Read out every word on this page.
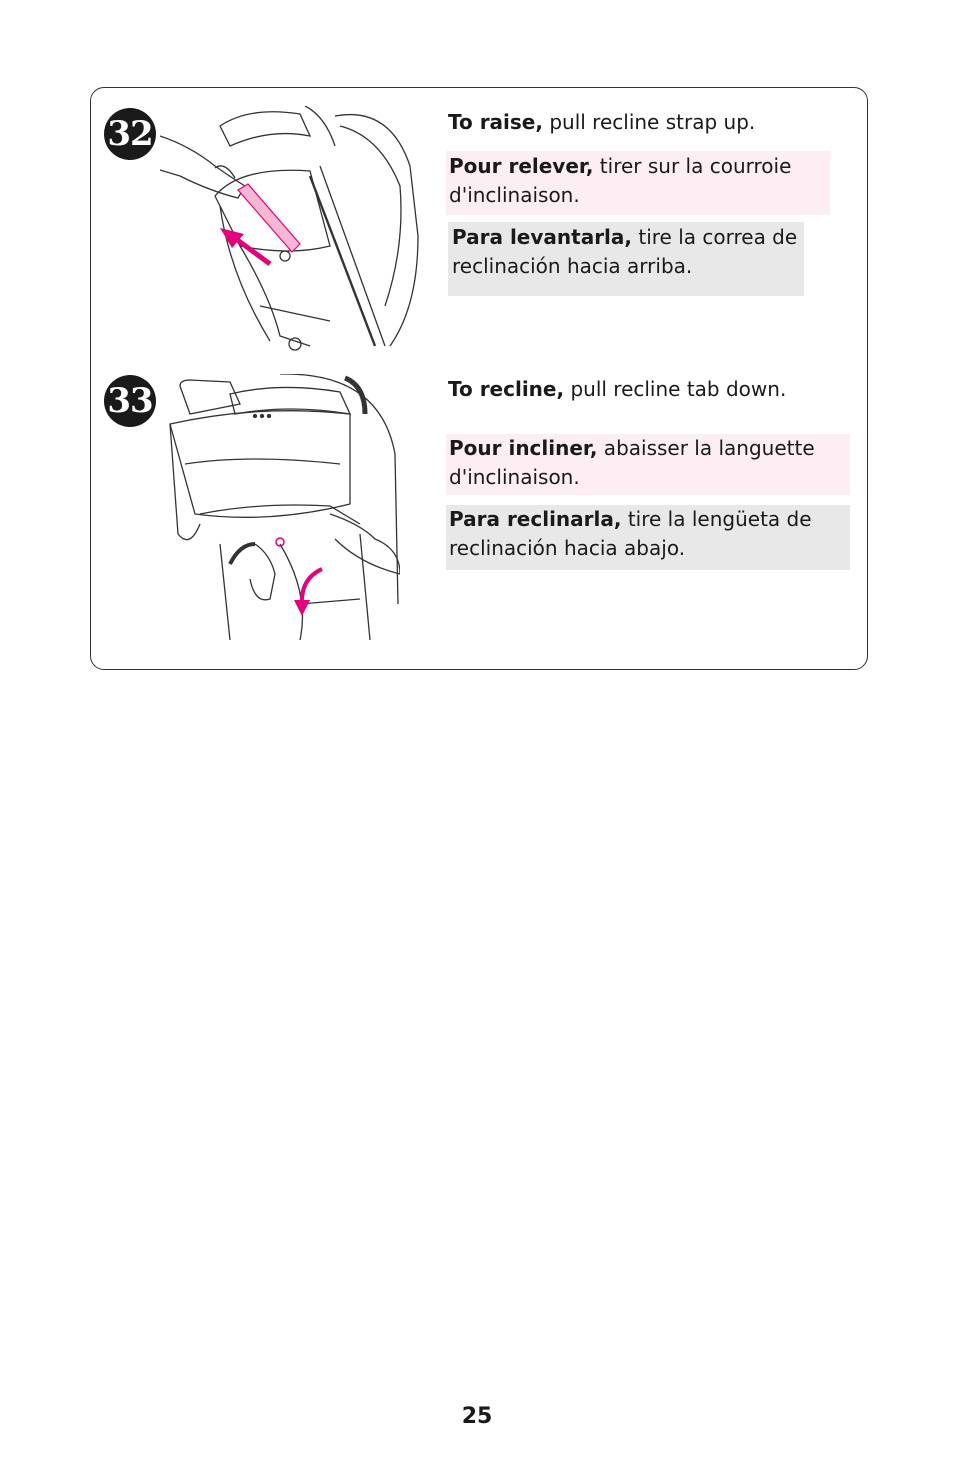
32	To raise, pull recline strap up.
Pour relever, tirer sur la courroie d'inclinaison.
Para levantarla, tire la correa de reclinación hacia arriba.
33	To recline, pull recline tab down.
Pour incliner, abaisser la languette d'inclinaison.
Para reclinarla, tire la lengüeta de reclinación hacia abajo.
25
